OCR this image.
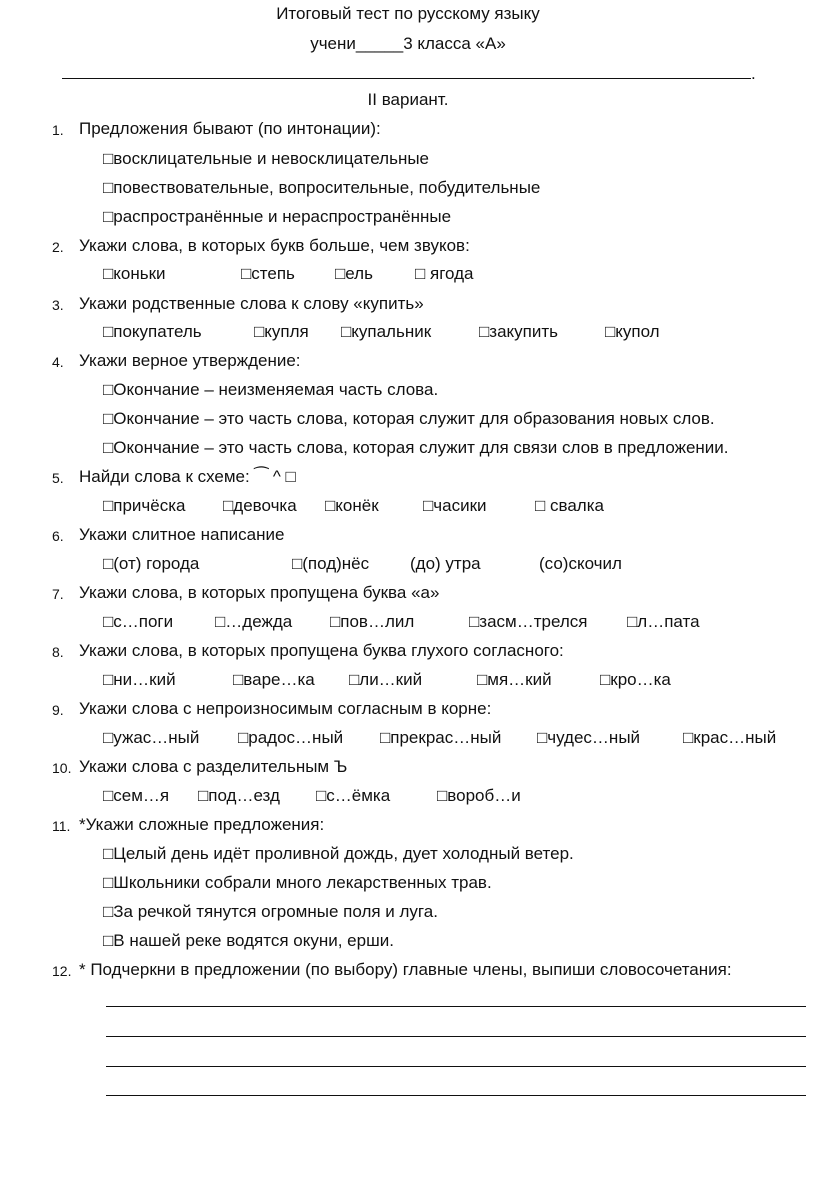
Итоговый тест по русскому языку
учени_____3 класса «А»
.
II вариант.
1. Предложения бывают (по интонации):
□восклицательные и невосклицательные
□повествовательные, вопросительные, побудительные
□распространённые и нераспространённые
2. Укажи слова, в которых букв больше, чем звуков:
□коньки	□степь □ель □ ягода
3. Укажи родственные слова к слову «купить»
□покупатель	□купля □купальник	□закупить	□купол
4. Укажи верное утверждение:
□Окончание – неизменяемая часть слова.
□Окончание – это часть слова, которая служит для образования новых слов.
□Окончание – это часть слова, которая служит для связи слов в предложении.
5. Найди слова к схеме: ⁀ ^ □
□причёска □девочка □конёк	□часики	□ свалка
6. Укажи слитное написание
□(от) города	□(под)нёс (до) утра	(со)скочил
7. Укажи слова, в которых пропущена буква «а»
□с…поги □…дежда □пов…лил	□засм…трелся □л…пата
8. Укажи слова, в которых пропущена буква глухого согласного:
□ни…кий	□варе…ка □ли…кий	□мя…кий	□кро…ка
9. Укажи слова с непроизносимым согласным в корне:
□ужас…ный □радос…ный □прекрас…ный □чудес…ный	□крас…ный
10. Укажи слова с разделительным Ъ
□сем…я □под…езд □с…ёмка	□вороб…и
11. *Укажи сложные предложения:
□Целый день идёт проливной дождь, дует холодный ветер.
□Школьники собрали много лекарственных трав.
□За речкой тянутся огромные поля и луга.
□В нашей реке водятся окуни, ерши.
12. * Подчеркни в предложении (по выбору) главные члены, выпиши словосочетания:
